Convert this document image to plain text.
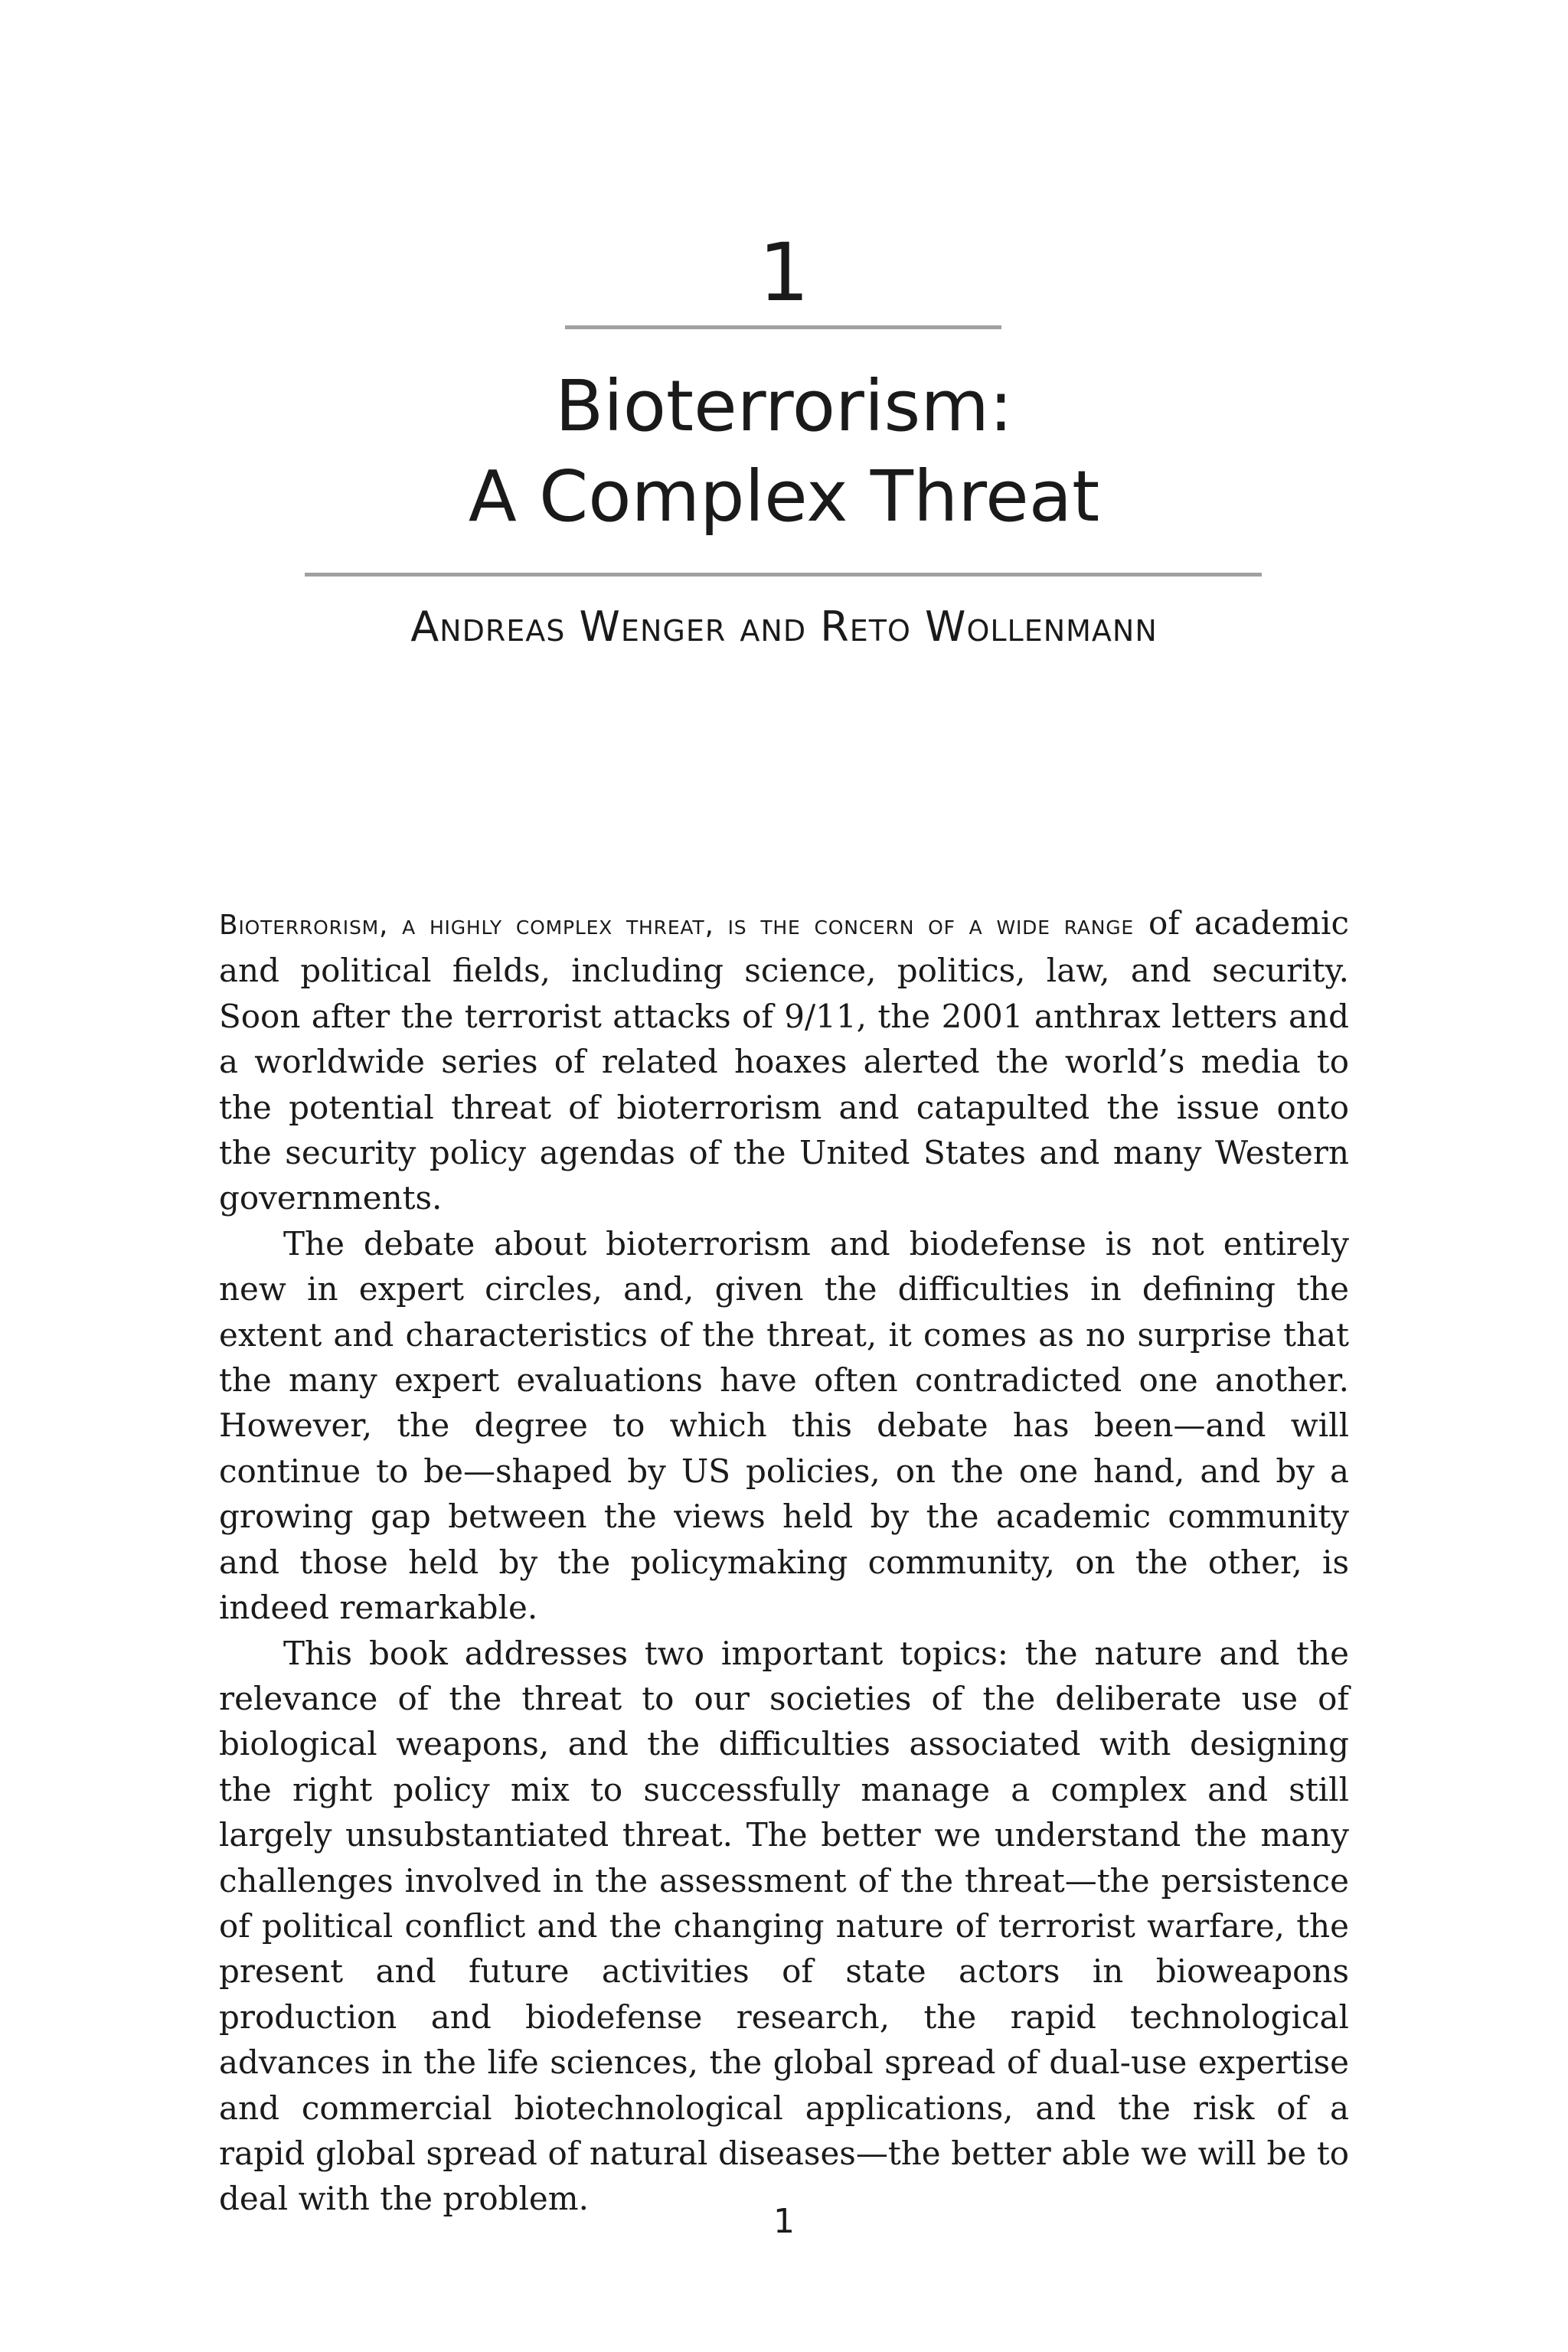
1
Bioterrorism:
A Complex Threat
Andreas Wenger and Reto Wollenmann

Bioterrorism, a highly complex threat, is the concern of a wide range of academic and political fields, including science, politics, law, and security. Soon after the terrorist attacks of 9/11, the 2001 anthrax letters and a worldwide series of related hoaxes alerted the world’s media to the potential threat of bioterrorism and catapulted the issue onto the security policy agendas of the United States and many Western governments.

The debate about bioterrorism and biodefense is not entirely new in expert circles, and, given the difficulties in defining the extent and characteristics of the threat, it comes as no surprise that the many expert evaluations have often contradicted one another. However, the degree to which this debate has been—and will continue to be—shaped by US policies, on the one hand, and by a growing gap between the views held by the academic community and those held by the policymaking community, on the other, is indeed remarkable.

This book addresses two important topics: the nature and the relevance of the threat to our societies of the deliberate use of biological weapons, and the difficulties associated with designing the right policy mix to successfully manage a complex and still largely unsubstantiated threat. The better we understand the many challenges involved in the assessment of the threat—the persistence of political conflict and the changing nature of terrorist warfare, the present and future activities of state actors in bioweapons production and biodefense research, the rapid technological advances in the life sciences, the global spread of dual-use expertise and commercial biotechnological applications, and the risk of a rapid global spread of natural diseases—the better able we will be to deal with the problem.

1
